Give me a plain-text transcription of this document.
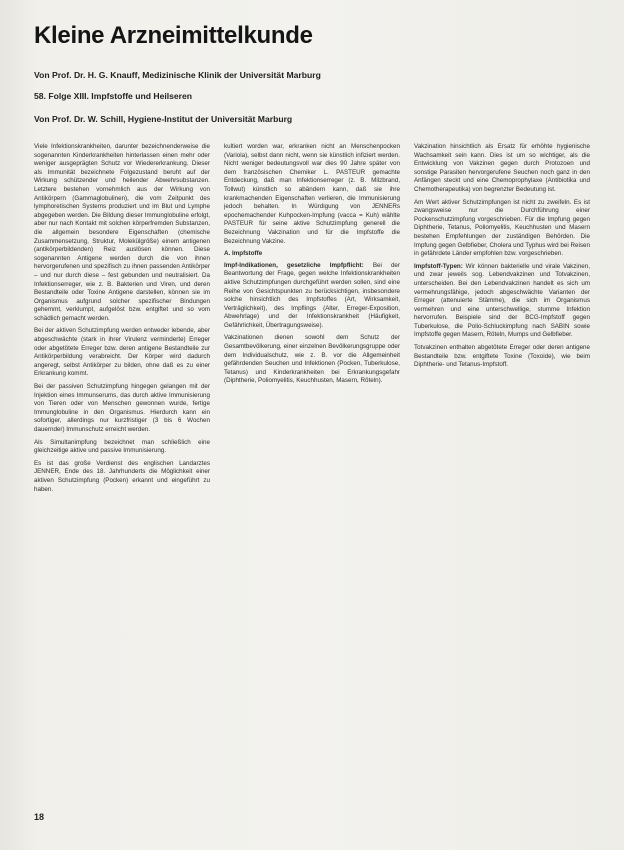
Kleine Arzneimittelkunde
Von Prof. Dr. H. G. Knauff, Medizinische Klinik der Universität Marburg
58. Folge XIII. Impfstoffe und Heilseren
Von Prof. Dr. W. Schill, Hygiene-Institut der Universität Marburg

Viele Infektionskrankheiten, darunter bezeichnenderweise die sogenannten Kinderkrankheiten hinterlassen einen mehr oder weniger ausgeprägten Schutz vor Wiedererkrankung. Dieser als Immunität bezeichnete Folgezustand beruht auf der Wirkung schützender und heilender Abwehrsubstanzen. Letztere bestehen vornehmlich aus der Wirkung von Antikörpern (Gammaglobulinen), die vom Zeitpunkt des lymphoretischen Systems produziert und im Blut und Lymphe abgegeben werden. Die Bildung dieser Immunglobuline erfolgt, aber nur nach Kontakt mit solchen körperfremden Substanzen, die allgemein besondere Eigenschaften (chemische Zusammensetzung, Struktur, Molekülgröße) einem antigenen (antikörperbildenden) Reiz auslösen können. Diese sogenannten Antigene werden durch die von ihnen hervorgerufenen und spezifisch zu ihnen passenden Antikörper – und nur durch diese – fest gebunden und neutralisiert. Da Infektionserreger, wie z. B. Bakterien und Viren, und deren Bestandteile oder Toxine Antigene darstellen, können sie im Organismus aufgrund solcher spezifischer Bindungen gehemmt, verklumpt, aufgelöst bzw. entgiftet und so vom schädlich gemacht werden.

Bei der aktiven Schutzimpfung werden entweder lebende, aber abgeschwächte (stark in ihrer Virulenz verminderte) Erreger oder abgetötete Erreger bzw. deren antigene Bestandteile zur Antikörperbildung verabreicht. Der Körper wird dadurch angeregt, selbst Antikörper zu bilden, ohne daß es zu einer Erkrankung kommt.

Bei der passiven Schutzimpfung hingegen gelangen mit der Injektion eines Immunserums, das durch aktive Immunisierung von Tieren oder von Menschen gewonnen wurde, fertige Immunglobuline in den Organismus. Hierdurch kann ein sofortiger, allerdings nur kurzfristiger (3 bis 6 Wochen dauernder) Immunschutz erreicht werden.

Als Simultanimpfung bezeichnet man schließlich eine gleichzeitige aktive und passive Immunisierung.

Es ist das große Verdienst des englischen Landarztes JENNER, Ende des 18. Jahrhunderts die Möglichkeit einer aktiven Schutzimpfung (Pocken) erkannt und eingeführt zu haben.

kultiert worden war, erkranken nicht an Menschenpocken (Variola), selbst dann nicht, wenn sie künstlich infiziert werden. Nicht weniger bedeutungsvoll war dies 90 Jahre später von dem französischen Chemiker L. PASTEUR gemachte Entdeckung, daß man Infektionserreger (z. B. Milzbrand, Tollwut) künstlich so abändern kann, daß sie ihre krankmachenden Eigenschaften verlieren, die Immunisierung jedoch behalten. In Würdigung von JENNERs epochemachender Kuhpocken-Impfung (vacca = Kuh) wählte PASTEUR für seine aktive Schutzimpfung generell die Bezeichnung Vakzination und für die Impfstoffe die Bezeichnung Vakzine.

A. Impfstoffe

Impf-Indikationen, gesetzliche Impfpflicht: Bei der Beantwortung der Frage, gegen welche Infektionskrankheiten aktive Schutzimpfungen durchgeführt werden sollen, sind eine Reihe von Gesichtspunkten zu berücksichtigen, insbesondere solche hinsichtlich des Impfstoffes (Art, Wirksamkeit, Verträglichkeit), des Impflings (Alter, Erreger-Exposition, Abwehrlage) und der Infektionskrankheit (Häufigkeit, Gefährlichkeit, Übertragungsweise).

Vakzinationen dienen sowohl dem Schutz der Gesamtbevölkerung, einer einzelnen Bevölkerungsgruppe oder dem Individualschutz, wie z. B. vor die Allgemeinheit gefährdenden Seuchen und Infektionen (Pocken, Tuberkulose, Tetanus) und Kinderkrankheiten bei Erkrankungsgefahr (Diphtherie, Poliomyelitis, Keuchhusten, Masern, Röteln).

Vakzination hinsichtlich als Ersatz für erhöhte hygienische Wachsamkeit sein kann. Dies ist um so wichtiger, als die Entwicklung von Vakzinen gegen durch Protozoen und sonstige Parasiten hervorgerufene Seuchen noch ganz in den Anfängen steckt und eine Chemoprophylaxe (Antibiotika und Chemotherapeutika) von begrenzter Bedeutung ist.

Am Wert aktiver Schutzimpfungen ist nicht zu zweifeln. Es ist zwangsweise nur die Durchführung einer Pockenschutzimpfung vorgeschrieben. Für die Impfung gegen Diphtherie, Tetanus, Poliomyelitis, Keuchhusten und Masern bestehen Empfehlungen der zuständigen Behörden. Die Impfung gegen Gelbfieber, Cholera und Typhus wird bei Reisen in gefährdete Länder empfohlen bzw. vorgeschrieben.

Impfstoff-Typen: Wir können bakterielle und virale Vakzinen, und zwar jeweils sog. Lebendvakzinen und Totvakzinen, unterscheiden. Bei den Lebendvakzinen handelt es sich um vermehrungsfähige, jedoch abgeschwächte Varianten der Erreger (attenuierte Stämme), die sich im Organismus vermehren und eine unterschwellige, stumme Infektion hervorrufen. Beispiele sind der BCG-Impfstoff gegen Tuberkulose, die Polio-Schluckimpfung nach SABIN sowie Impfstoffe gegen Masern, Röteln, Mumps und Gelbfieber.

Totvakzinen enthalten abgetötete Erreger oder deren antigene Bestandteile bzw. entgiftete Toxine (Toxoide), wie beim Diphtherie- und Tetanus-Impfstoff.

18
